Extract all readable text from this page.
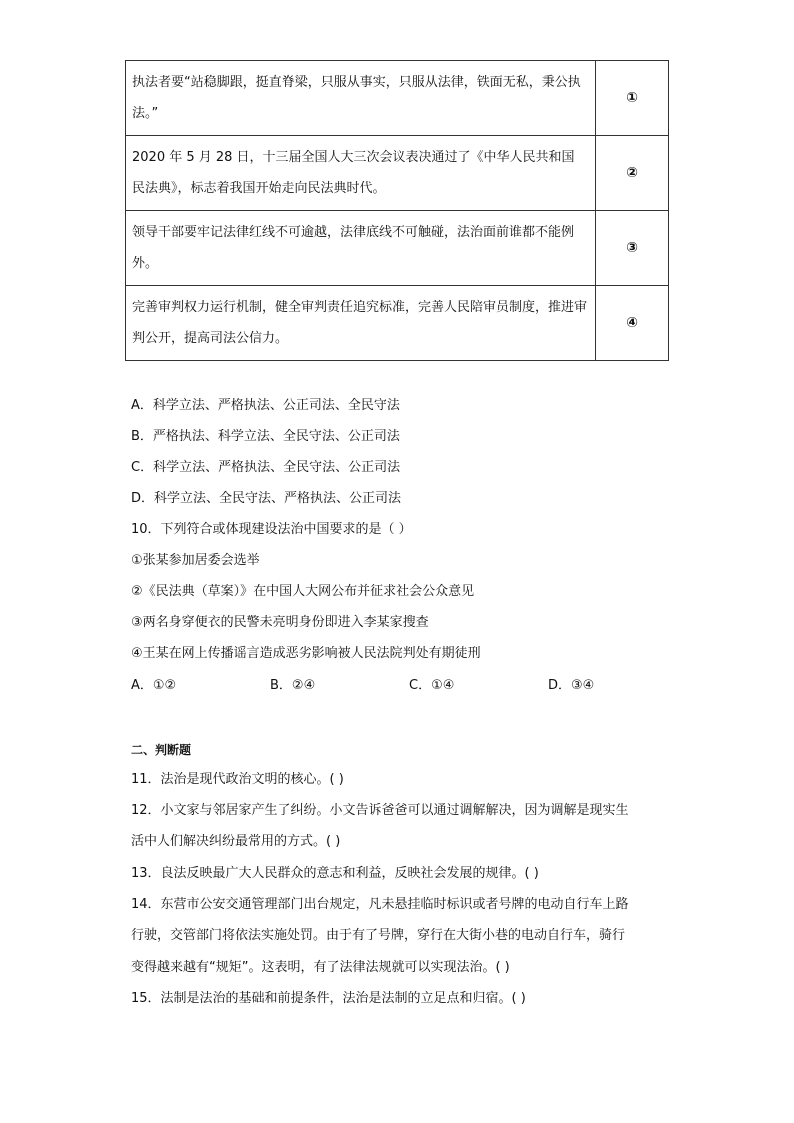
执法者要“站稳脚跟，挺直脊梁，只服从事实，只服从法律，铁面无私，秉公执法。”	①
2020 年 5 月 28 日，十三届全国人大三次会议表决通过了《中华人民共和国民法典》，标志着我国开始走向民法典时代。	②
领导干部要牢记法律红线不可逾越，法律底线不可触碰，法治面前谁都不能例外。	③
完善审判权力运行机制，健全审判责任追究标准，完善人民陪审员制度，推进审判公开，提高司法公信力。	④
A．科学立法、严格执法、公正司法、全民守法
B．严格执法、科学立法、全民守法、公正司法
C．科学立法、严格执法、全民守法、公正司法
D．科学立法、全民守法、严格执法、公正司法
10．下列符合或体现建设法治中国要求的是（ ）
①张某参加居委会选举
②《民法典（草案）》在中国人大网公布并征求社会公众意见
③两名身穿便衣的民警未亮明身份即进入李某家搜查
④王某在网上传播谣言造成恶劣影响被人民法院判处有期徒刑
A．①②	B．②④	C．①④	D．③④
二、判断题
11．法治是现代政治文明的核心。( )
12．小文家与邻居家产生了纠纷。小文告诉爸爸可以通过调解解决，因为调解是现实生
活中人们解决纠纷最常用的方式。( )
13．良法反映最广大人民群众的意志和利益，反映社会发展的规律。( )
14．东营市公安交通管理部门出台规定，凡未悬挂临时标识或者号牌的电动自行车上路
行驶，交管部门将依法实施处罚。由于有了号牌，穿行在大街小巷的电动自行车，骑行
变得越来越有“规矩”。这表明，有了法律法规就可以实现法治。( )
15．法制是法治的基础和前提条件，法治是法制的立足点和归宿。( )
